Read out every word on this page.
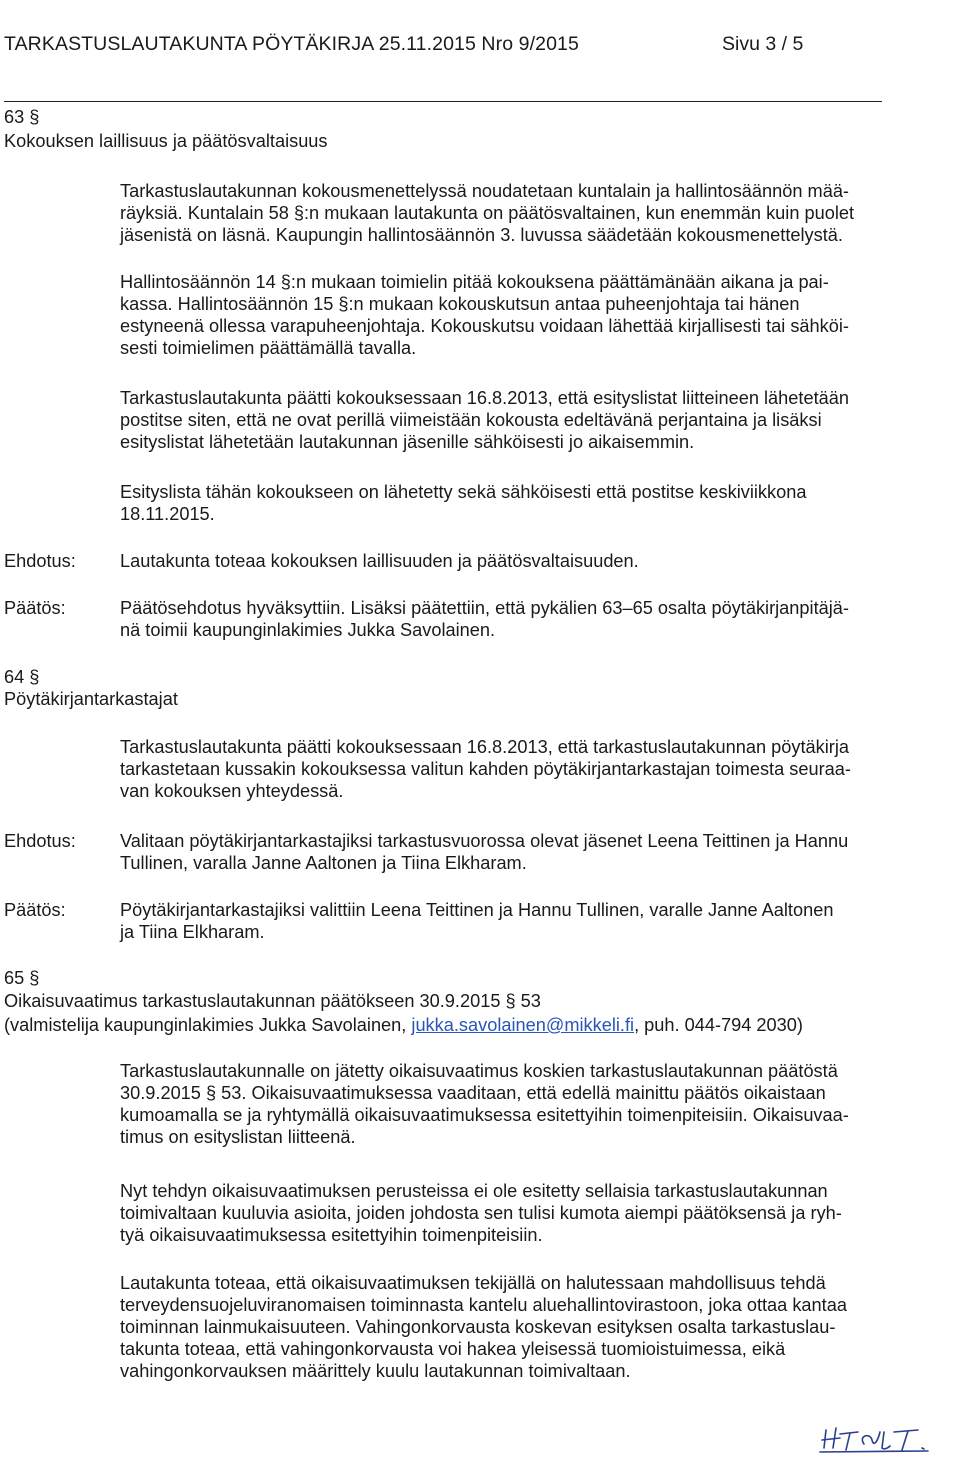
TARKASTUSLAUTAKUNTA PÖYTÄKIRJA 25.11.2015 Nro 9/2015	Sivu 3 / 5
63 §
Kokouksen laillisuus ja päätösvaltaisuus
Tarkastuslautakunnan kokousmenettelyssä noudatetaan kuntalain ja hallintosäännön mää-
räyksiä. Kuntalain 58 §:n mukaan lautakunta on päätösvaltainen, kun enemmän kuin puolet
jäsenistä on läsnä. Kaupungin hallintosäännön 3. luvussa säädetään kokousmenettelystä.
Hallintosäännön 14 §:n mukaan toimielin pitää kokouksena päättämänään aikana ja pai-
kassa. Hallintosäännön 15 §:n mukaan kokouskutsun antaa puheenjohtaja tai hänen
estyneenä ollessa varapuheenjohtaja. Kokouskutsu voidaan lähettää kirjallisesti tai sähköi-
sesti toimielimen päättämällä tavalla.
Tarkastuslautakunta päätti kokouksessaan 16.8.2013, että esityslistat liitteineen lähetetään
postitse siten, että ne ovat perillä viimeistään kokousta edeltävänä perjantaina ja lisäksi
esityslistat lähetetään lautakunnan jäsenille sähköisesti jo aikaisemmin.
Esityslista tähän kokoukseen on lähetetty sekä sähköisesti että postitse keskiviikkona
18.11.2015.
Ehdotus: Lautakunta toteaa kokouksen laillisuuden ja päätösvaltaisuuden.
Päätös:	Päätösehdotus hyväksyttiin. Lisäksi päätettiin, että pykälien 63–65 osalta pöytäkirjanpitäjä-
nä toimii kaupunginlakimies Jukka Savolainen.
64 §
Pöytäkirjantarkastajat
Tarkastuslautakunta päätti kokouksessaan 16.8.2013, että tarkastuslautakunnan pöytäkirja
tarkastetaan kussakin kokouksessa valitun kahden pöytäkirjantarkastajan toimesta seuraa-
van kokouksen yhteydessä.
Ehdotus: Valitaan pöytäkirjantarkastajiksi tarkastusvuorossa olevat jäsenet Leena Teittinen ja Hannu
Tullinen, varalla Janne Aaltonen ja Tiina Elkharam.
Päätös:	Pöytäkirjantarkastajiksi valittiin Leena Teittinen ja Hannu Tullinen, varalle Janne Aaltonen
ja Tiina Elkharam.
65 §
Oikaisuvaatimus tarkastuslautakunnan päätökseen 30.9.2015 § 53
(valmistelija kaupunginlakimies Jukka Savolainen, jukka.savolainen@mikkeli.fi, puh. 044-794 2030)
Tarkastuslautakunnalle on jätetty oikaisuvaatimus koskien tarkastuslautakunnan päätöstä
30.9.2015 § 53. Oikaisuvaatimuksessa vaaditaan, että edellä mainittu päätös oikaistaan
kumoamalla se ja ryhtymällä oikaisuvaatimuksessa esitettyihin toimenpiteisiin. Oikaisuvaa-
timus on esityslistan liitteenä.
Nyt tehdyn oikaisuvaatimuksen perusteissa ei ole esitetty sellaisia tarkastuslautakunnan
toimivaltaan kuuluvia asioita, joiden johdosta sen tulisi kumota aiempi päätöksensä ja ryh-
tyä oikaisuvaatimuksessa esitettyihin toimenpiteisiin.
Lautakunta toteaa, että oikaisuvaatimuksen tekijällä on halutessaan mahdollisuus tehdä
terveydensuojeluviranomaisen toiminnasta kantelu aluehallintovirastoon, joka ottaa kantaa
toiminnan lainmukaisuuteen. Vahingonkorvausta koskevan esityksen osalta tarkastuslau-
takunta toteaa, että vahingonkorvausta voi hakea yleisessä tuomioistuimessa, eikä
vahingonkorvauksen määrittely kuulu lautakunnan toimivaltaan.
